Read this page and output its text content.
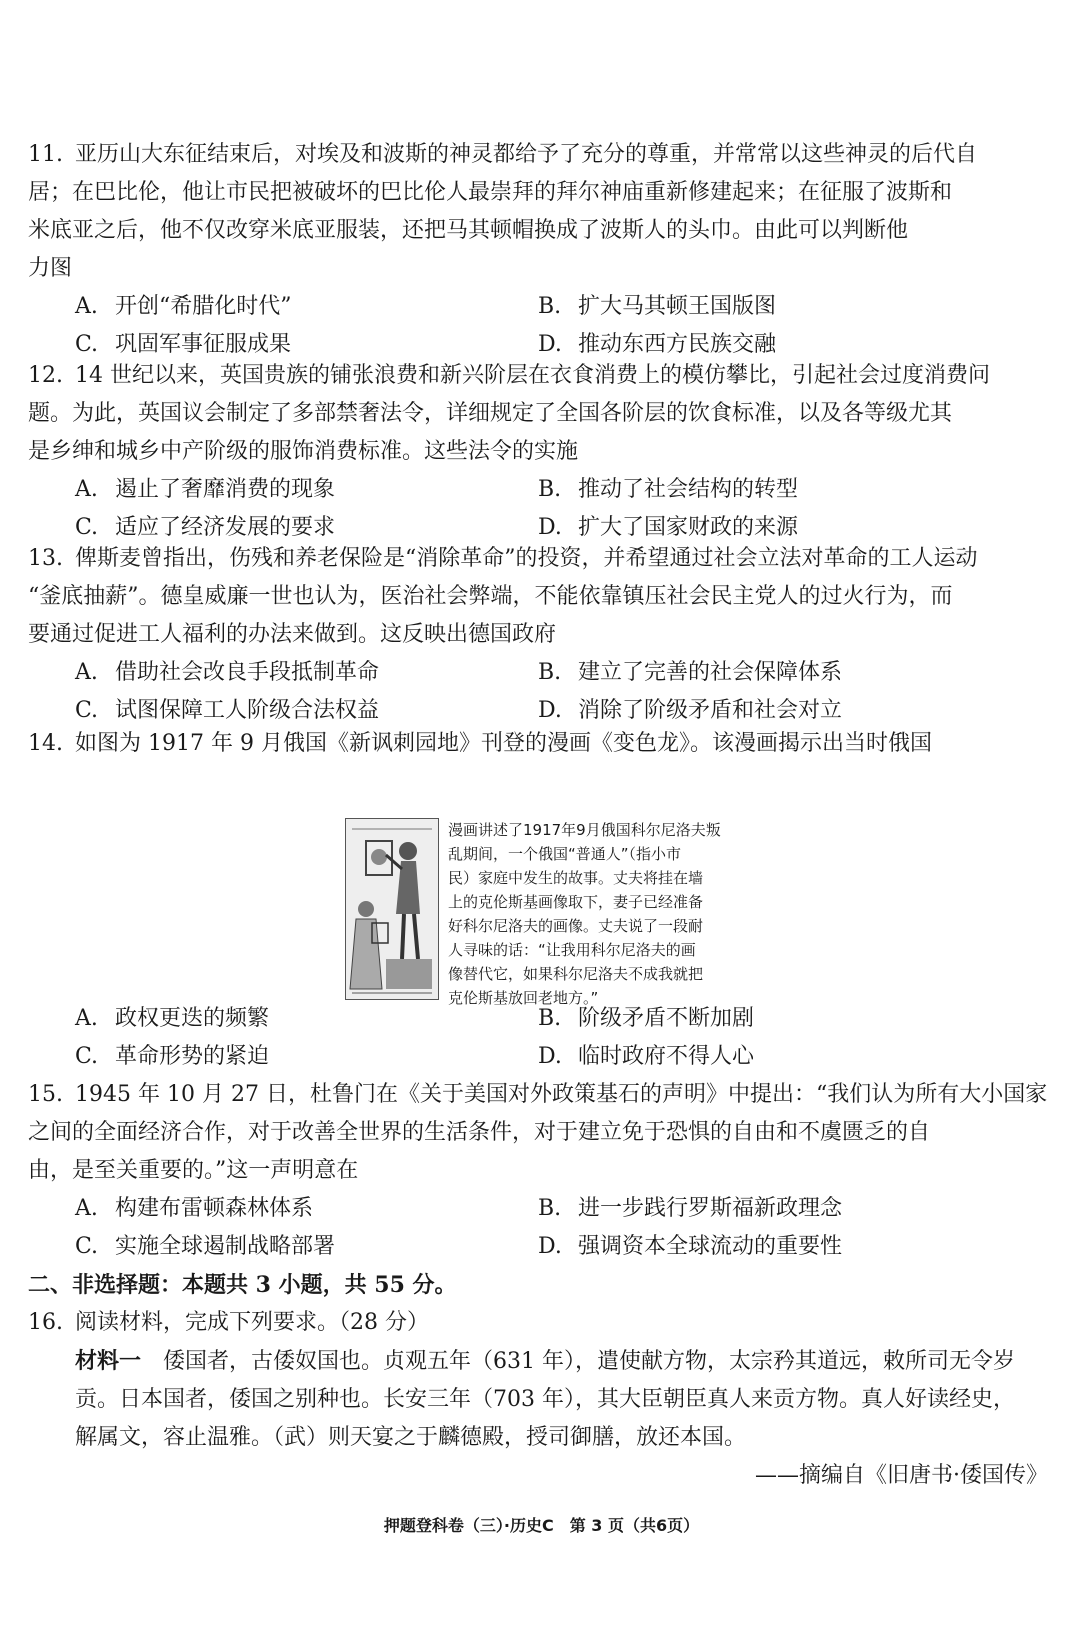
11. 亚历山大东征结束后，对埃及和波斯的神灵都给予了充分的尊重，并常常以这些神灵的后代自
居；在巴比伦，他让市民把被破坏的巴比伦人最崇拜的拜尔神庙重新修建起来；在征服了波斯和
米底亚之后，他不仅改穿米底亚服装，还把马其顿帽换成了波斯人的头巾。由此可以判断他
力图
A. 开创“希腊化时代”	B. 扩大马其顿王国版图
C. 巩固军事征服成果	D. 推动东西方民族交融
12. 14 世纪以来，英国贵族的铺张浪费和新兴阶层在衣食消费上的模仿攀比，引起社会过度消费问
题。为此，英国议会制定了多部禁奢法令，详细规定了全国各阶层的饮食标准，以及各等级尤其
是乡绅和城乡中产阶级的服饰消费标准。这些法令的实施
A. 遏止了奢靡消费的现象	B. 推动了社会结构的转型
C. 适应了经济发展的要求	D. 扩大了国家财政的来源
13. 俾斯麦曾指出，伤残和养老保险是“消除革命”的投资，并希望通过社会立法对革命的工人运动
“釜底抽薪”。德皇威廉一世也认为，医治社会弊端，不能依靠镇压社会民主党人的过火行为，而
要通过促进工人福利的办法来做到。这反映出德国政府
A. 借助社会改良手段抵制革命	B. 建立了完善的社会保障体系
C. 试图保障工人阶级合法权益	D. 消除了阶级矛盾和社会对立
14. 如图为 1917 年 9 月俄国《新讽刺园地》刊登的漫画《变色龙》。该漫画揭示出当时俄国
漫画讲述了1917年9月俄国科尔尼洛夫叛
乱期间，一个俄国“普通人”（指小市
民）家庭中发生的故事。丈夫将挂在墙
上的克伦斯基画像取下，妻子已经准备
好科尔尼洛夫的画像。丈夫说了一段耐
人寻味的话：“让我用科尔尼洛夫的画
像替代它，如果科尔尼洛夫不成我就把
克伦斯基放回老地方。”
A. 政权更迭的频繁	B. 阶级矛盾不断加剧
C. 革命形势的紧迫	D. 临时政府不得人心
15. 1945 年 10 月 27 日，杜鲁门在《关于美国对外政策基石的声明》中提出：“我们认为所有大小国家
之间的全面经济合作，对于改善全世界的生活条件，对于建立免于恐惧的自由和不虞匮乏的自
由，是至关重要的。”这一声明意在
A. 构建布雷顿森林体系	B. 进一步践行罗斯福新政理念
C. 实施全球遏制战略部署	D. 强调资本全球流动的重要性
二、非选择题：本题共 3 小题，共 55 分。
16. 阅读材料，完成下列要求。（28 分）
材料一　 倭国者，古倭奴国也。贞观五年（631 年），遣使献方物，太宗矜其道远，敕所司无令岁
贡。日本国者，倭国之别种也。长安三年（703 年），其大臣朝臣真人来贡方物。真人好读经史，
解属文，容止温雅。（武）则天宴之于麟德殿，授司御膳，放还本国。
——摘编自《旧唐书·倭国传》
押题登科卷（三）·历史C　第 3 页（共6页）
